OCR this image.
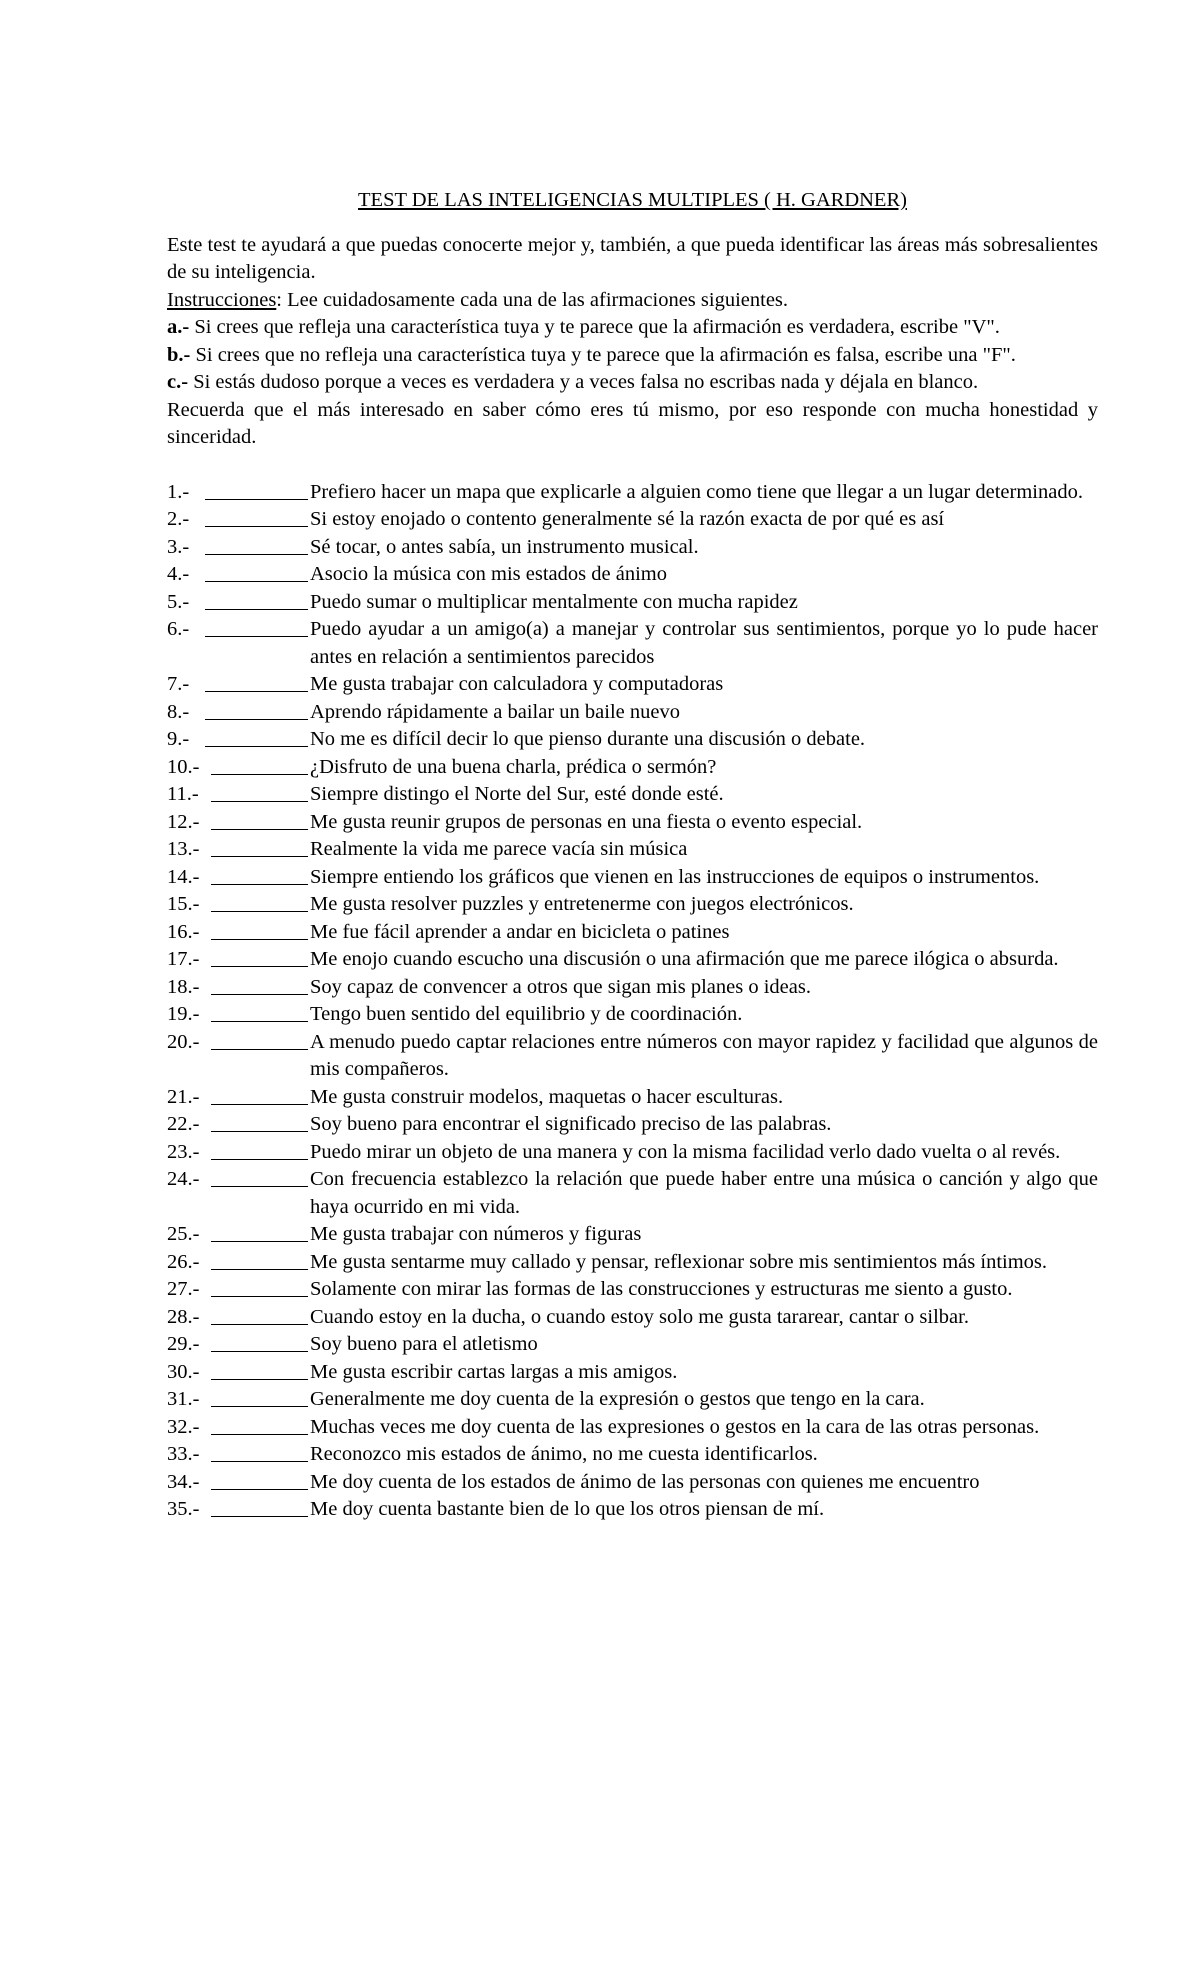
TEST DE LAS INTELIGENCIAS MULTIPLES ( H. GARDNER)

Este test te ayudará a que puedas conocerte mejor y, también, a que pueda identificar las áreas más sobresalientes de su inteligencia.

Instrucciones: Lee cuidadosamente cada una de las afirmaciones siguientes.

a.- Si crees que refleja una característica tuya y te parece que la afirmación es verdadera, escribe "V".

b.- Si crees que no refleja una característica tuya y te parece que la afirmación es falsa, escribe una "F".

c.- Si estás dudoso porque a veces es verdadera y a veces falsa no escribas nada y déjala en blanco.

Recuerda que el más interesado en saber cómo eres tú mismo, por eso responde con mucha honestidad y sinceridad.

1.-	Prefiero hacer un mapa que explicarle a alguien como tiene que llegar a un lugar determinado.
2.-	Si estoy enojado o contento generalmente sé la razón exacta de por qué es así
3.-	Sé tocar, o antes sabía, un instrumento musical.
4.-	Asocio la música con mis estados de ánimo
5.-	Puedo sumar o multiplicar mentalmente con mucha rapidez
6.-	Puedo ayudar a un amigo(a) a manejar y controlar sus sentimientos, porque yo lo pude hacer antes en relación a sentimientos parecidos
7.-	Me gusta trabajar con calculadora y computadoras
8.-	Aprendo rápidamente a bailar un baile nuevo
9.-	No me es difícil decir lo que pienso durante una discusión o debate.
10.-	¿Disfruto de una buena charla, prédica o sermón?
11.-	Siempre distingo el Norte del Sur, esté donde esté.
12.-	Me gusta reunir grupos de personas en una fiesta o evento especial.
13.-	Realmente la vida me parece vacía sin música
14.-	Siempre entiendo los gráficos que vienen en las instrucciones de equipos o instrumentos.
15.-	Me gusta resolver puzzles y entretenerme con juegos electrónicos.
16.-	Me fue fácil aprender a andar en bicicleta o patines
17.-	Me enojo cuando escucho una discusión o una afirmación que me parece ilógica o absurda.
18.-	Soy capaz de convencer a otros que sigan mis planes o ideas.
19.-	Tengo buen sentido del equilibrio y de coordinación.
20.-	A menudo puedo captar relaciones entre números con mayor rapidez y facilidad que algunos de mis compañeros.
21.-	Me gusta construir modelos, maquetas o hacer esculturas.
22.-	Soy bueno para encontrar el significado preciso de las palabras.
23.-	Puedo mirar un objeto de una manera y con la misma facilidad verlo dado vuelta o al revés.
24.-	Con frecuencia establezco la relación que puede haber entre una música o canción y algo que haya ocurrido en mi vida.
25.-	Me gusta trabajar con números y figuras
26.-	Me gusta sentarme muy callado y pensar, reflexionar sobre mis sentimientos más íntimos.
27.-	Solamente con mirar las formas de las construcciones y estructuras me siento a gusto.
28.-	Cuando estoy en la ducha, o cuando estoy solo me gusta tararear, cantar o silbar.
29.-	Soy bueno para el atletismo
30.-	Me gusta escribir cartas largas a mis amigos.
31.-	Generalmente me doy cuenta de la expresión o gestos que tengo en la cara.
32.-	Muchas veces me doy cuenta de las expresiones o gestos en la cara de las otras personas.
33.-	Reconozco mis estados de ánimo, no me cuesta identificarlos.
34.-	Me doy cuenta de los estados de ánimo de las personas con quienes me encuentro
35.-	Me doy cuenta bastante bien de lo que los otros piensan de mí.
